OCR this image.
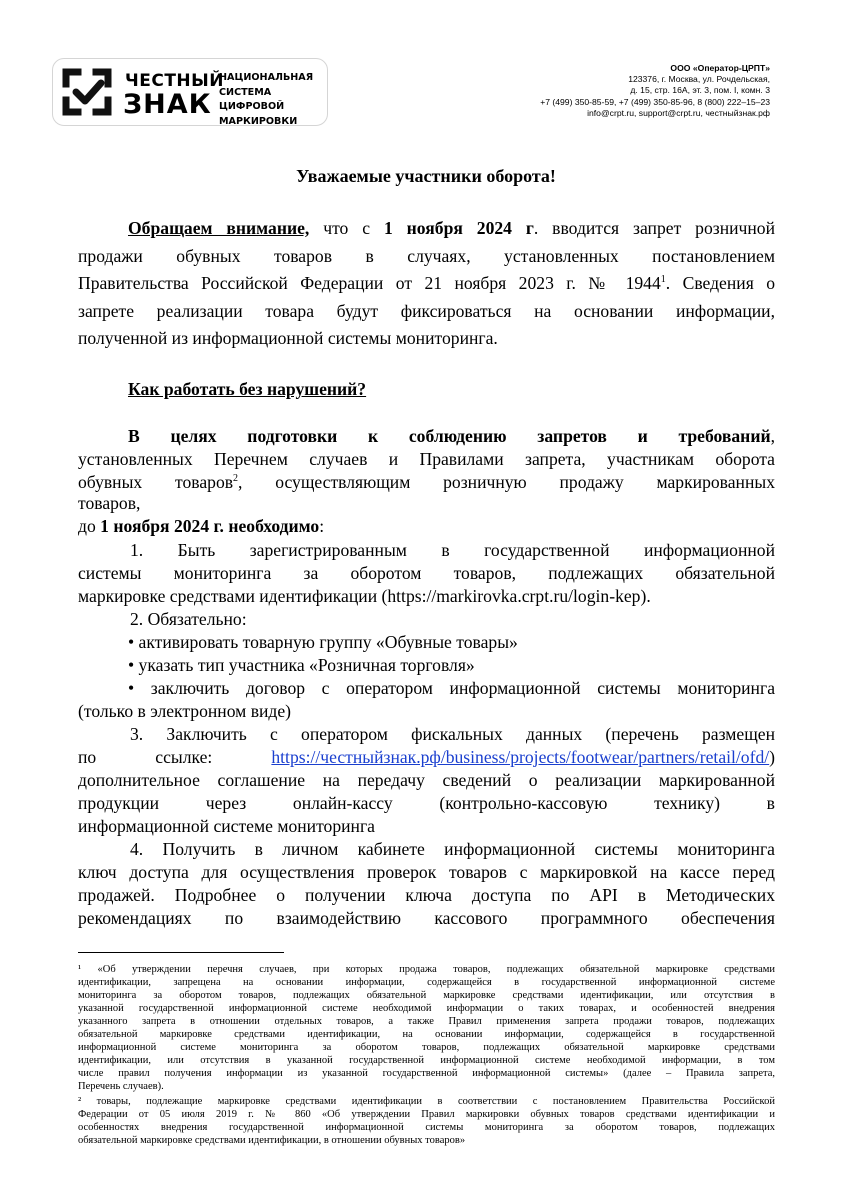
ЧЕСТНЫЙ
ЗНАК
НАЦИОНАЛЬНАЯ
СИСТЕМА ЦИФРОВОЙ
МАРКИРОВКИ
ООО «Оператор-ЦРПТ»
123376, г. Москва, ул. Рочдельская,
д. 15, стр. 16А, эт. 3, пом. I, комн. 3
+7 (499) 350-85-59, +7 (499) 350-85-96, 8 (800) 222–15–23
info@crpt.ru, support@crpt.ru, честныйзнак.рф
Уважаемые участники оборота!
Обращаем внимание, что с 1 ноября 2024 г. вводится запрет розничной
продажи обувных товаров в случаях, установленных постановлением
Правительства Российской Федерации от 21 ноября 2023 г. № 1944$^1$. Сведения о
запрете реализации товара будут фиксироваться на основании информации,
полученной из информационной системы мониторинга.
Как работать без нарушений?
В целях подготовки к соблюдению запретов и требований,
установленных Перечнем случаев и Правилами запрета, участникам оборота
обувных товаров$^2$, осуществляющим розничную продажу маркированных
товаров,
до 1 ноября 2024 г. необходимо:
1. Быть зарегистрированным в государственной информационной
системы мониторинга за оборотом товаров, подлежащих обязательной
маркировке средствами идентификации (https://markirovka.crpt.ru/login-kep).
2. Обязательно:
• активировать товарную группу «Обувные товары»
• указать тип участника «Розничная торговля»
• заключить договор с оператором информационной системы мониторинга
(только в электронном виде)
3. Заключить с оператором фискальных данных (перечень размещен
по ссылке: https://честныйзнак.рф/business/projects/footwear/partners/retail/ofd/)
дополнительное соглашение на передачу сведений о реализации маркированной
продукции через онлайн-кассу (контрольно-кассовую технику) в
информационной системе мониторинга
4. Получить в личном кабинете информационной системы мониторинга
ключ доступа для осуществления проверок товаров с маркировкой на кассе перед
продажей. Подробнее о получении ключа доступа по API в Методических
рекомендациях по взаимодействию кассового программного обеспечения
¹ «Об утверждении перечня случаев, при которых продажа товаров, подлежащих обязательной маркировке средствами
идентификации, запрещена на основании информации, содержащейся в государственной информационной системе
мониторинга за оборотом товаров, подлежащих обязательной маркировке средствами идентификации, или отсутствия в
указанной государственной информационной системе необходимой информации о таких товарах, и особенностей внедрения
указанного запрета в отношении отдельных товаров, а также Правил применения запрета продажи товаров, подлежащих
обязательной маркировке средствами идентификации, на основании информации, содержащейся в государственной
информационной системе мониторинга за оборотом товаров, подлежащих обязательной маркировке средствами
идентификации, или отсутствия в указанной государственной информационной системе необходимой информации, в том
числе правил получения информации из указанной государственной информационной системы» (далее – Правила запрета,
Перечень случаев).
² товары, подлежащие маркировке средствами идентификации в соответствии с постановлением Правительства Российской
Федерации от 05 июля 2019 г. № 860 «Об утверждении Правил маркировки обувных товаров средствами идентификации и
особенностях внедрения государственной информационной системы мониторинга за оборотом товаров, подлежащих
обязательной маркировке средствами идентификации, в отношении обувных товаров»
